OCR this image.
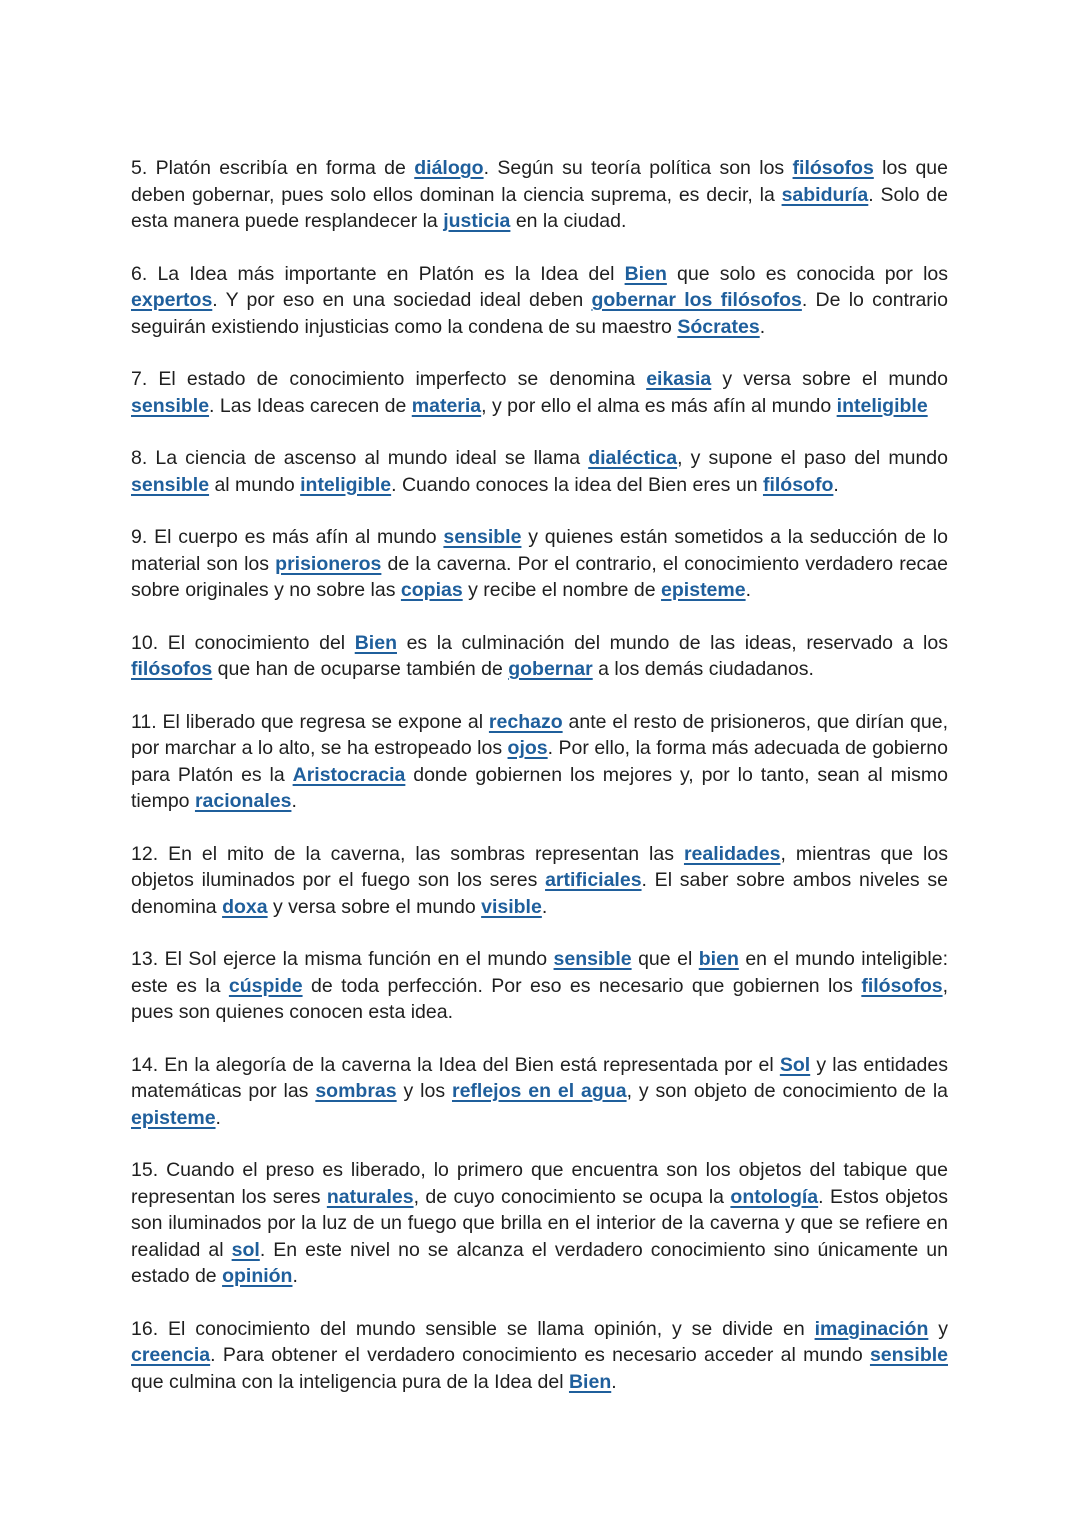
5. Platón escribía en forma de diálogo. Según su teoría política son los filósofos los que deben gobernar, pues solo ellos dominan la ciencia suprema, es decir, la sabiduría. Solo de esta manera puede resplandecer la justicia en la ciudad.

6. La Idea más importante en Platón es la Idea del Bien que solo es conocida por los expertos. Y por eso en una sociedad ideal deben gobernar los filósofos. De lo contrario seguirán existiendo injusticias como la condena de su maestro Sócrates.

7. El estado de conocimiento imperfecto se denomina eikasia y versa sobre el mundo sensible. Las Ideas carecen de materia, y por ello el alma es más afín al mundo inteligible

8. La ciencia de ascenso al mundo ideal se llama dialéctica, y supone el paso del mundo sensible al mundo inteligible. Cuando conoces la idea del Bien eres un filósofo.

9. El cuerpo es más afín al mundo sensible y quienes están sometidos a la seducción de lo material son los prisioneros de la caverna. Por el contrario, el conocimiento verdadero recae sobre originales y no sobre las copias y recibe el nombre de episteme.

10. El conocimiento del Bien es la culminación del mundo de las ideas, reservado a los filósofos que han de ocuparse también de gobernar a los demás ciudadanos.

11. El liberado que regresa se expone al rechazo ante el resto de prisioneros, que dirían que, por marchar a lo alto, se ha estropeado los ojos. Por ello, la forma más adecuada de gobierno para Platón es la Aristocracia donde gobiernen los mejores y, por lo tanto, sean al mismo tiempo racionales.

12. En el mito de la caverna, las sombras representan las realidades, mientras que los objetos iluminados por el fuego son los seres artificiales. El saber sobre ambos niveles se denomina doxa y versa sobre el mundo visible.

13. El Sol ejerce la misma función en el mundo sensible que el bien en el mundo inteligible: este es la cúspide de toda perfección. Por eso es necesario que gobiernen los filósofos, pues son quienes conocen esta idea.

14. En la alegoría de la caverna la Idea del Bien está representada por el Sol y las entidades matemáticas por las sombras y los reflejos en el agua, y son objeto de conocimiento de la episteme.

15. Cuando el preso es liberado, lo primero que encuentra son los objetos del tabique que representan los seres naturales, de cuyo conocimiento se ocupa la ontología. Estos objetos son iluminados por la luz de un fuego que brilla en el interior de la caverna y que se refiere en realidad al sol. En este nivel no se alcanza el verdadero conocimiento sino únicamente un estado de opinión.

16. El conocimiento del mundo sensible se llama opinión, y se divide en imaginación y creencia. Para obtener el verdadero conocimiento es necesario acceder al mundo sensible que culmina con la inteligencia pura de la Idea del Bien.
